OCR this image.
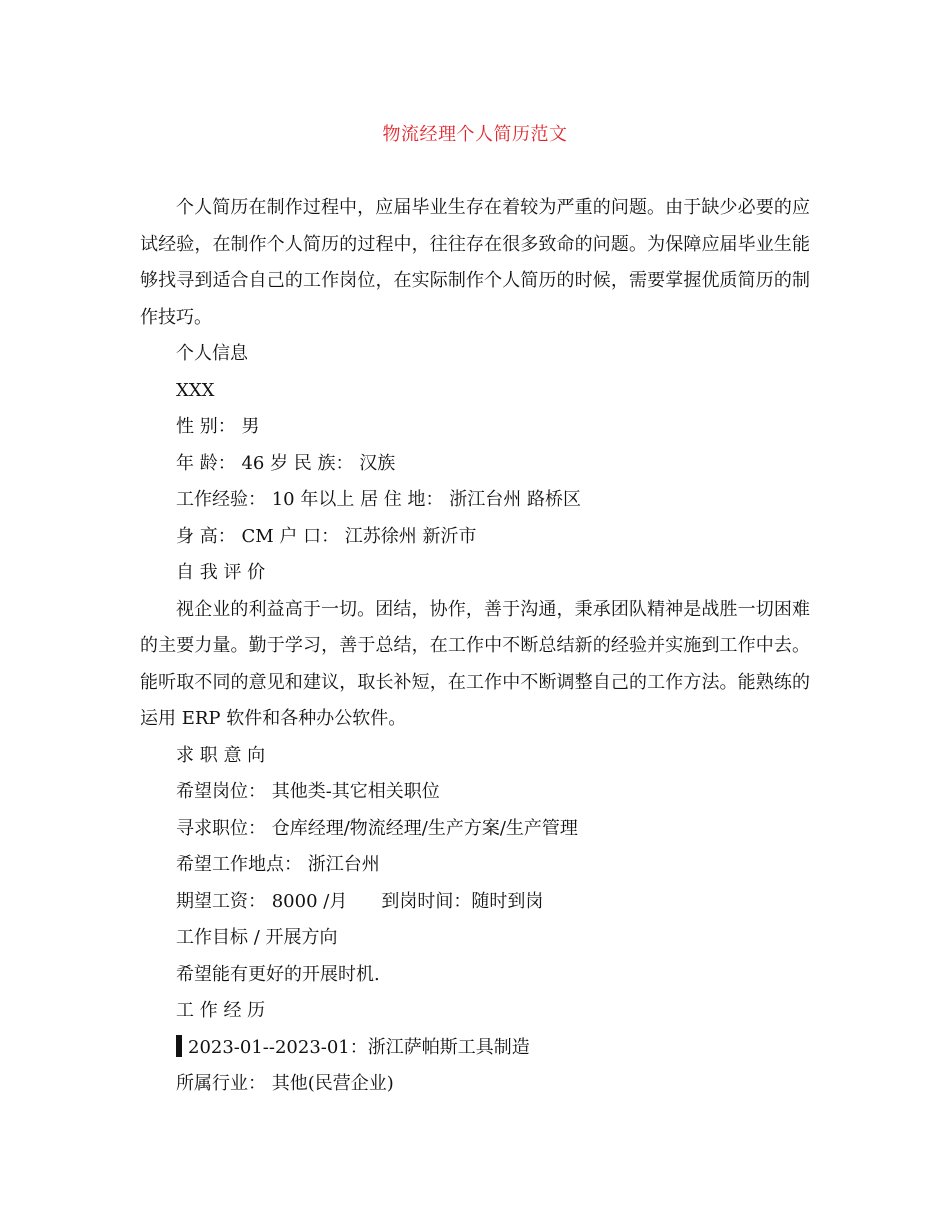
物流经理个人简历范文

个人简历在制作过程中，应届毕业生存在着较为严重的问题。由于缺少必要的应试经验，在制作个人简历的过程中，往往存在很多致命的问题。为保障应届毕业生能够找寻到适合自己的工作岗位，在实际制作个人简历的时候，需要掌握优质简历的制作技巧。

个人信息

XXX

性 别： 男

年 龄： 46 岁 民 族： 汉族

工作经验： 10 年以上 居 住 地： 浙江台州 路桥区

身 高： CM 户 口： 江苏徐州 新沂市

自 我 评 价

视企业的利益高于一切。团结，协作，善于沟通，秉承团队精神是战胜一切困难的主要力量。勤于学习，善于总结，在工作中不断总结新的经验并实施到工作中去。能听取不同的意见和建议，取长补短，在工作中不断调整自己的工作方法。能熟练的运用 ERP 软件和各种办公软件。

求 职 意 向

希望岗位： 其他类-其它相关职位

寻求职位： 仓库经理/物流经理/生产方案/生产管理

希望工作地点： 浙江台州

期望工资： 8000 /月 到岗时间：随时到岗

工作目标 / 开展方向

希望能有更好的开展时机.

工 作 经 历

2023-01--2023-01：浙江萨帕斯工具制造

所属行业： 其他(民营企业)
